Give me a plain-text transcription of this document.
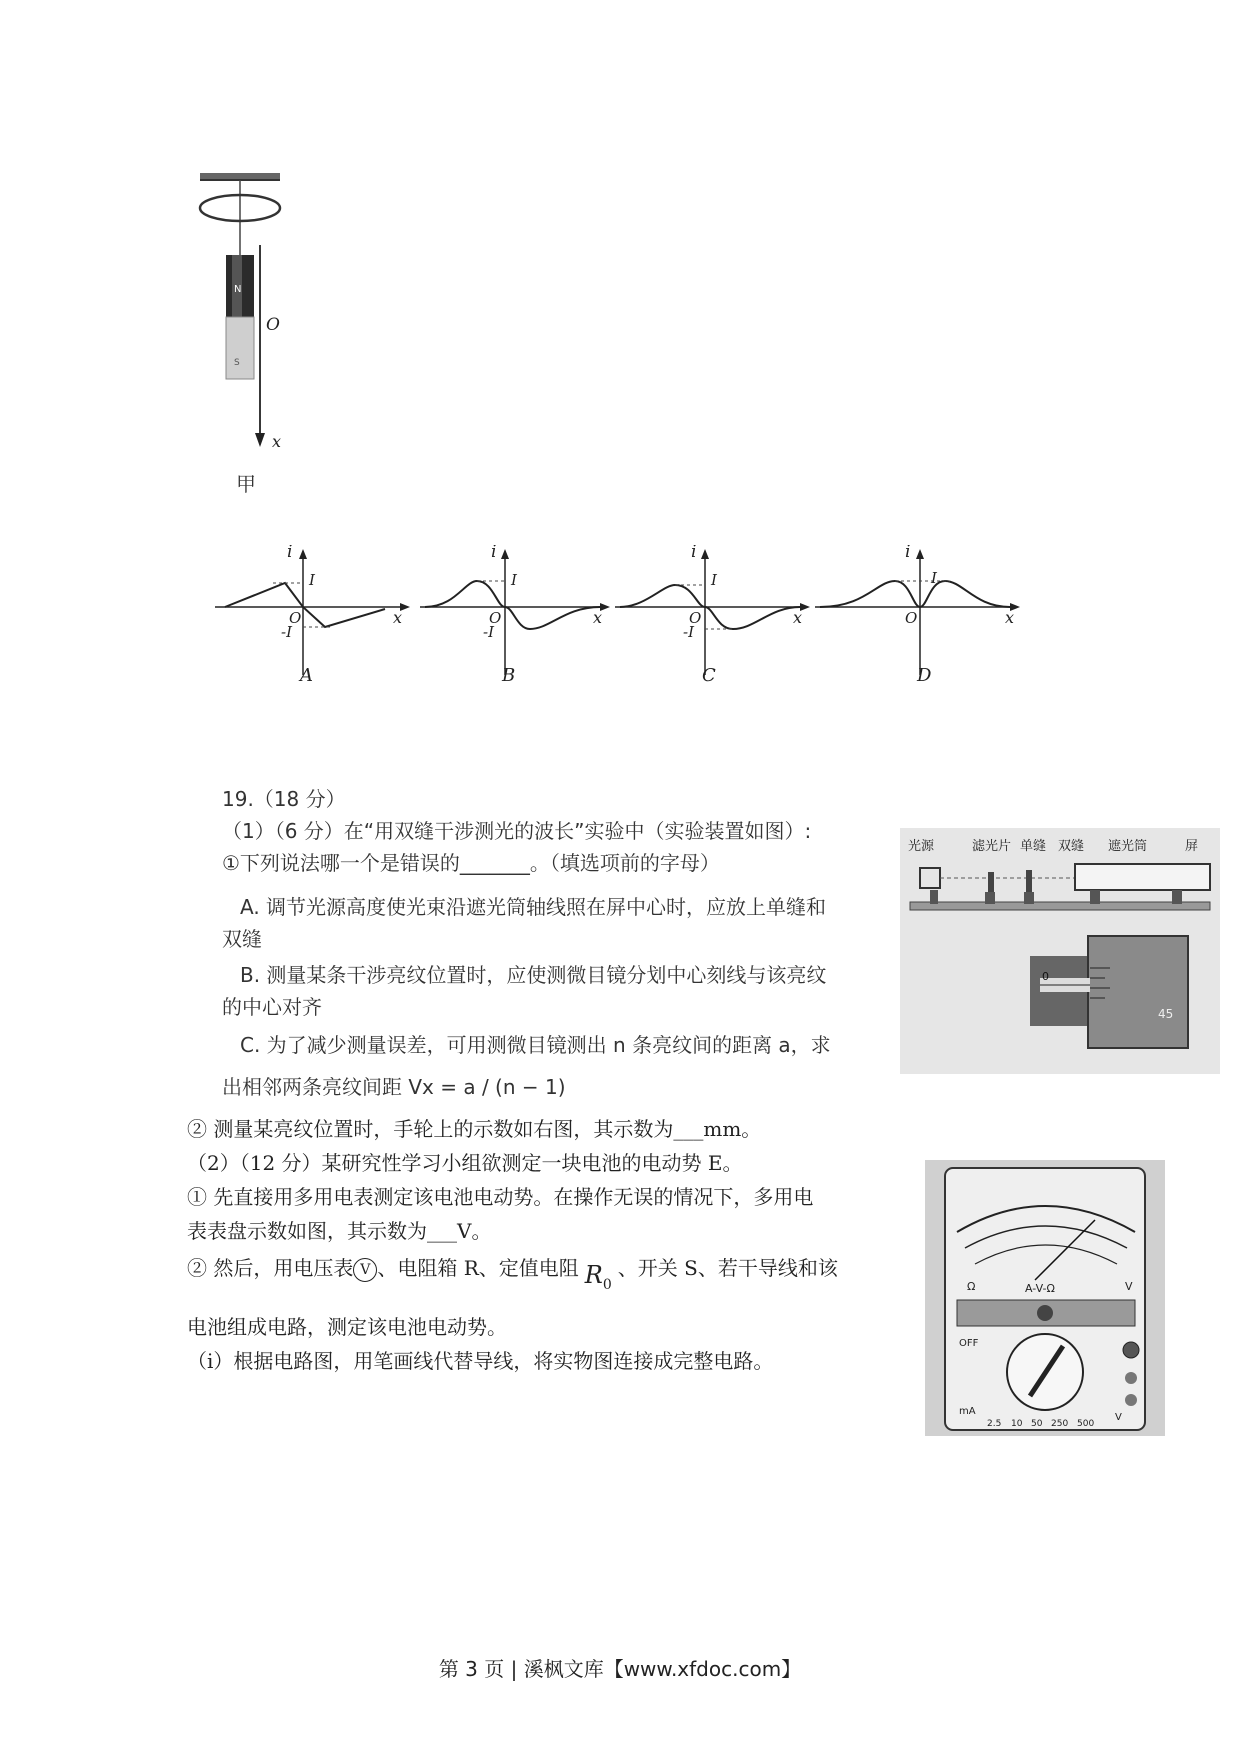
N
S
O
x
甲
i
I
O
-I
x
A
i
I
O
-I
x
B
i
I
O
-I
x
C
i
I
O	x
D
19.（18 分）
（1）（6 分）在“用双缝干涉测光的波长”实验中（实验装置如图）:
①下列说法哪一个是错误的_______。（填选项前的字母）
A. 调节光源高度使光束沿遮光筒轴线照在屏中心时，应放上单缝和
双缝
B. 测量某条干涉亮纹位置时，应使测微目镜分划中心刻线与该亮纹
的中心对齐
C. 为了减少测量误差，可用测微目镜测出 n 条亮纹间的距离 a，求
出相邻两条亮纹间距 Vx = a / (n − 1)
② 测量某亮纹位置时，手轮上的示数如右图，其示数为___mm。
（2）（12 分）某研究性学习小组欲测定一块电池的电动势 E。
① 先直接用多用电表测定该电池电动势。在操作无误的情况下，多用电
表表盘示数如图，其示数为___V。
② 然后，用电压表 V 、电阻箱 R、定值电阻 $R_0$、开关 S、若干导线和该
电池组成电路，测定该电池电动势。
（ⅰ）根据电路图，用笔画线代替导线，将实物图连接成完整电路。
光源	滤光片 单缝 双缝 遮光筒	屏
0
45
Ω	V
A-V-Ω
OFF
mA
V
2.5 10 50 250 500
第 3 页 | 溪枫文库【www.xfdoc.com】
